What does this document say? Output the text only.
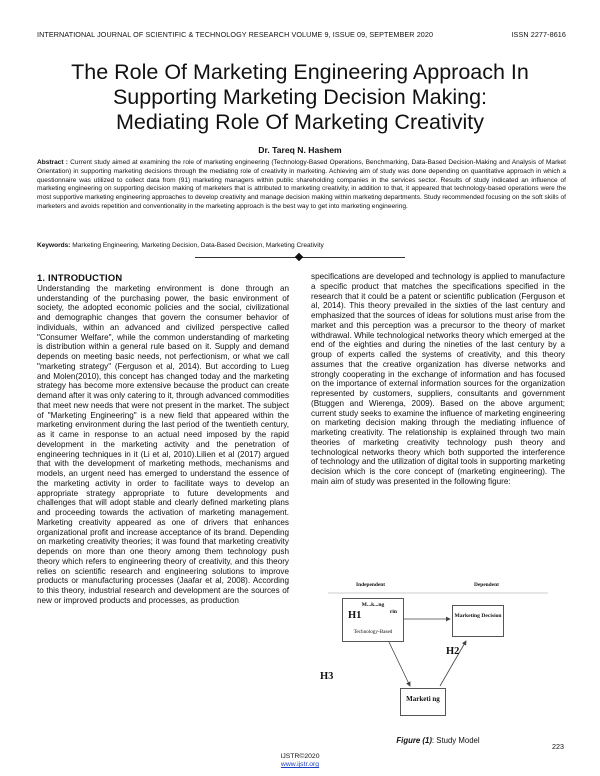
INTERNATIONAL JOURNAL OF SCIENTIFIC & TECHNOLOGY RESEARCH VOLUME 9, ISSUE 09, SEPTEMBER 2020	ISSN 2277-8616
The Role Of Marketing Engineering Approach In
Supporting Marketing Decision Making:
Mediating Role Of Marketing Creativity
Dr. Tareq N. Hashem
Abstract : Current study aimed at examining the role of marketing engineering (Technology-Based Operations, Benchmarking, Data-Based Decision-Making and Analysis of Market Orientation) in supporting marketing decisions through the mediating role of creativity in marketing. Achieving aim of study was done depending on quantitative approach in which a questionnaire was utilized to collect data from (91) marketing managers within public shareholding companies in the services sector. Results of study indicated an influence of marketing engineering on supporting decision making of marketers that is attributed to marketing creativity, in addition to that, it appeared that technology-based operations were the most supportive marketing engineering approaches to develop creativity and manage decision making within marketing departments. Study recommended focusing on the soft skills of marketers and avoids repetition and conventionality in the marketing approach is the best way to get into marketing engineering.
Keywords: Marketing Engineering, Marketing Decision, Data-Based Decision, Marketing Creativity
1. INTRODUCTION
Understanding the marketing environment is done through an understanding of the purchasing power, the basic environment of society, the adopted economic policies and the social, civilizational and demographic changes that govern the consumer behavior of individuals, within an advanced and civilized perspective called "Consumer Welfare", while the common understanding of marketing is distribution within a general rule based on it. Supply and demand depends on meeting basic needs, not perfectionism, or what we call "marketing strategy" (Ferguson et al, 2014). But according to Lueg and Molen(2010), this concept has changed today and the marketing strategy has become more extensive because the product can create demand after it was only catering to it, through advanced commodities that meet new needs that were not present in the market. The subject of "Marketing Engineering" is a new field that appeared within the marketing environment during the last period of the twentieth century, as it came in response to an actual need imposed by the rapid development in the marketing activity and the penetration of engineering techniques in it (Li et al, 2010).Lilien et al (2017) argued that with the development of marketing methods, mechanisms and models, an urgent need has emerged to understand the essence of the marketing activity in order to facilitate ways to develop an appropriate strategy appropriate to future developments and challenges that will adopt stable and clearly defined marketing plans and proceeding towards the activation of marketing management. Marketing creativity appeared as one of drivers that enhances organizational profit and increase acceptance of its brand. Depending on marketing creativity theories; it was found that marketing creativity depends on more than one theory among them technology push theory which refers to engineering theory of creativity, and this theory relies on scientific research and engineering solutions to improve products or manufacturing processes (Jaafar et al, 2008). According to this theory, industrial research and development are the sources of new or improved products and processes, as production
specifications are developed and technology is applied to manufacture a specific product that matches the specifications specified in the research that it could be a patent or scientific publication (Ferguson et al, 2014). This theory prevailed in the sixties of the last century and emphasized that the sources of ideas for solutions must arise from the market and this perception was a precursor to the theory of market withdrawal. While technological networks theory which emerged at the end of the eighties and during the nineties of the last century by a group of experts called the systems of creativity, and this theory assumes that the creative organization has diverse networks and strongly cooperating in the exchange of information and has focused on the importance of external information sources for the organization represented by customers, suppliers, consultants and government (Btuggen and Wierenga, 2009). Based on the above argument; current study seeks to examine the influence of marketing engineering on marketing decision making through the mediating influence of marketing creativity. The relationship is explained through two main theories of marketing creativity technology push theory and technological networks theory which both supported the interference of technology and the utilization of digital tools in supporting marketing decision which is the core concept of (marketing engineering). The main aim of study was presented in the following figure:
Independent	Dependent
M...k...ng
rin
Technology-Based
H1	Marketing Decision
H2
H3
Marketi ng
Figure (1): Study Model
223
IJSTR©2020
www.ijstr.org
